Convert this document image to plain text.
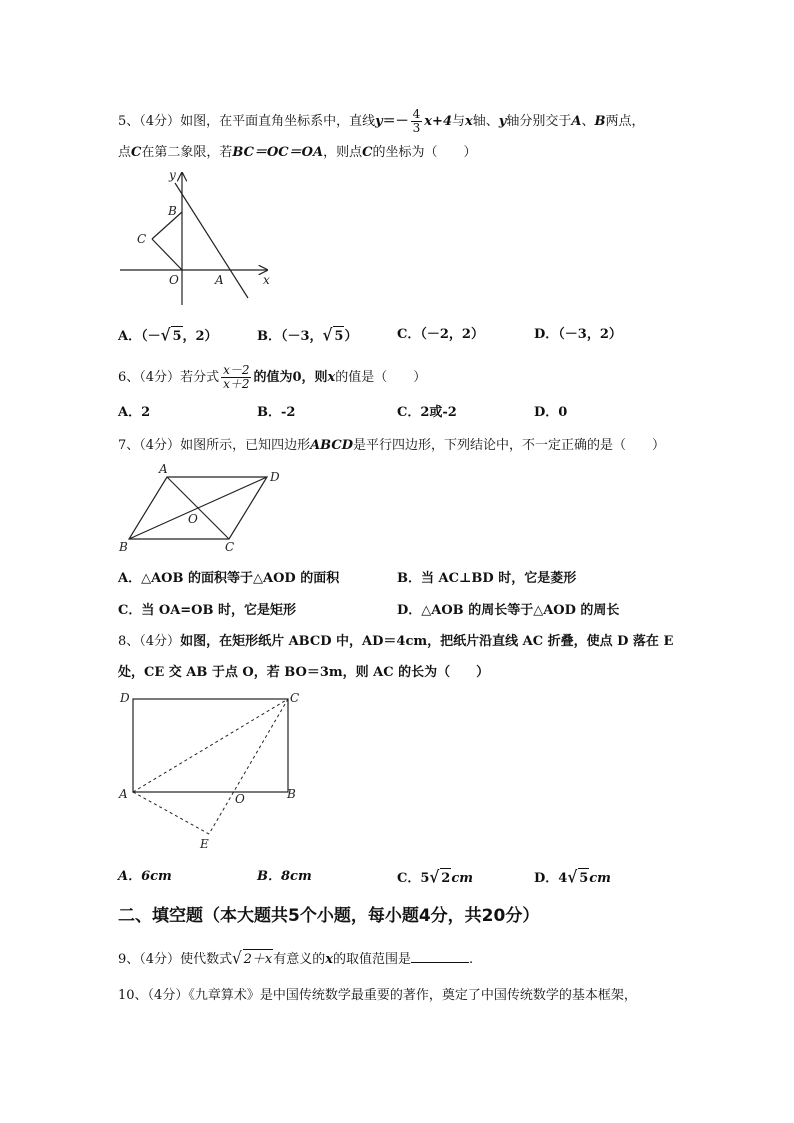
5、（4分）如图，在平面直角坐标系中，直线$y=- \frac{4}{3} x+4$与x轴、y轴分别交于A、B两点，
点C在第二象限，若BC＝OC＝OA，则点C的坐标为（　　）
y
B
C
O	A	x
A．（－√ 5，2）	B．（－3，√ 5）	C．（－2，2）	D．（－3，2）
6、（4分）若分式 $\frac{x-2}{x+2}$ 的值为0，则x的值是（　　）
A．2	B．-2	C．2或-2	D．0
7、（4分）如图所示，已知四边形ABCD是平行四边形，下列结论中，不一定正确的是（　　）
A
D
O
B	C
A．△AOB 的面积等于△AOD 的面积	B．当 AC⊥BD 时，它是菱形
C．当 OA=OB 时，它是矩形	D．△AOB 的周长等于△AOD 的周长
8、（4分）如图，在矩形纸片 ABCD 中，AD＝4cm，把纸片沿直线 AC 折叠，使点 D 落在 E
处，CE 交 AB 于点 O，若 BO＝3m，则 AC 的长为（　　）
D	C
A	O	B
E
A．6cm	B．8cm	C．5√ 2cm	D．4√ 5cm
二、填空题（本大题共5个小题，每小题4分，共20分）
9、（4分）使代数式√ 2＋x有意义的x的取值范围是	.
10、（4分）《九章算术》是中国传统数学最重要的著作，奠定了中国传统数学的基本框架，
